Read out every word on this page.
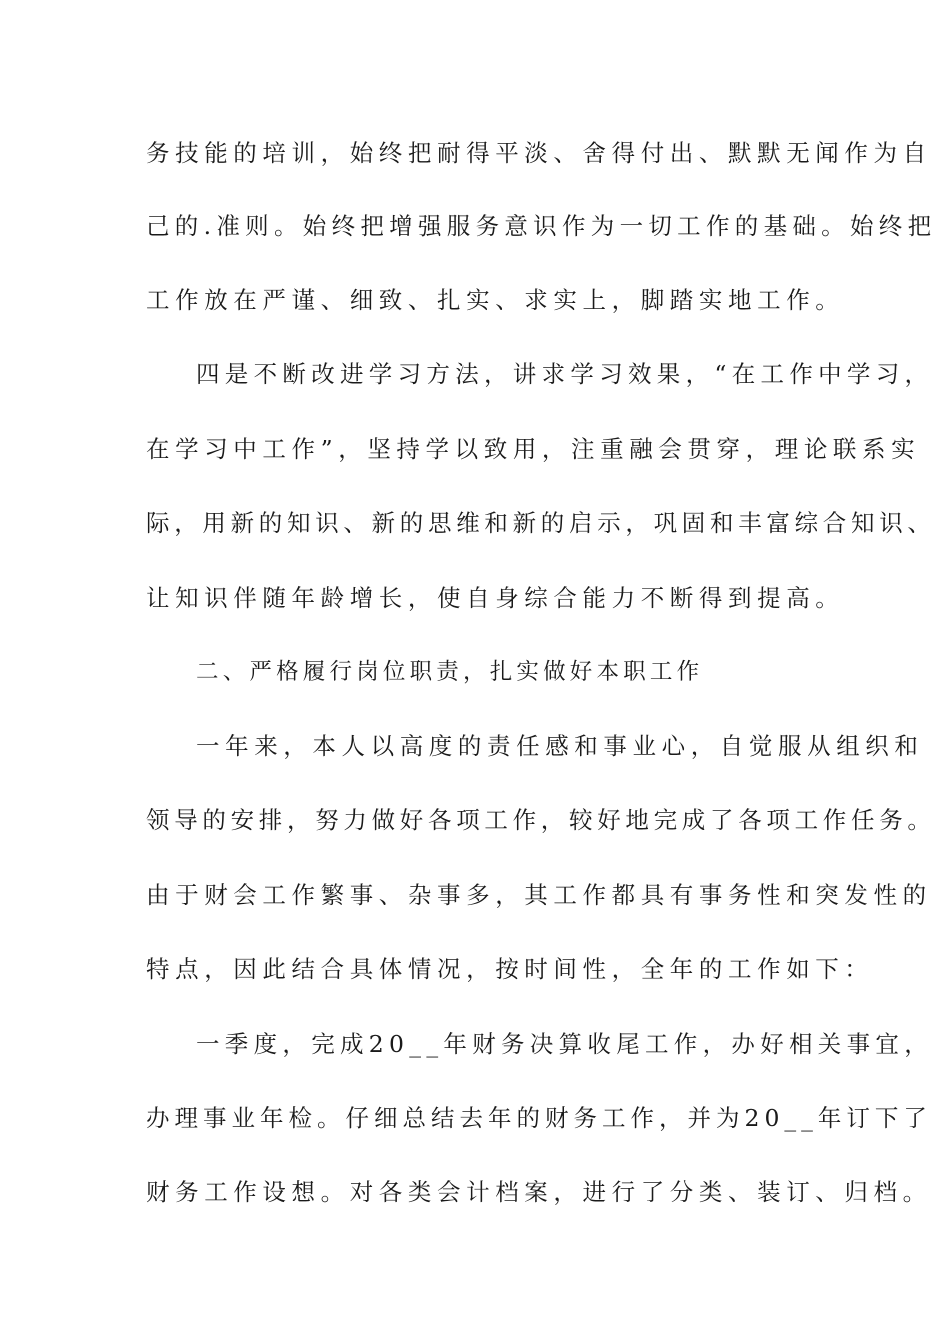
务技能的培训，始终把耐得平淡、舍得付出、默默无闻作为自
己的.准则。始终把增强服务意识作为一切工作的基础。始终把
工作放在严谨、细致、扎实、求实上，脚踏实地工作。
四是不断改进学习方法，讲求学习效果，“在工作中学习，
在学习中工作”，坚持学以致用，注重融会贯穿，理论联系实
际，用新的知识、新的思维和新的启示，巩固和丰富综合知识、
让知识伴随年龄增长，使自身综合能力不断得到提高。
二、严格履行岗位职责，扎实做好本职工作
一年来，本人以高度的责任感和事业心，自觉服从组织和
领导的安排，努力做好各项工作，较好地完成了各项工作任务。
由于财会工作繁事、杂事多，其工作都具有事务性和突发性的
特点，因此结合具体情况，按时间性，全年的工作如下：
一季度，完成20__年财务决算收尾工作，办好相关事宜，
办理事业年检。仔细总结去年的财务工作，并为20__年订下了
财务工作设想。对各类会计档案，进行了分类、装订、归档。
